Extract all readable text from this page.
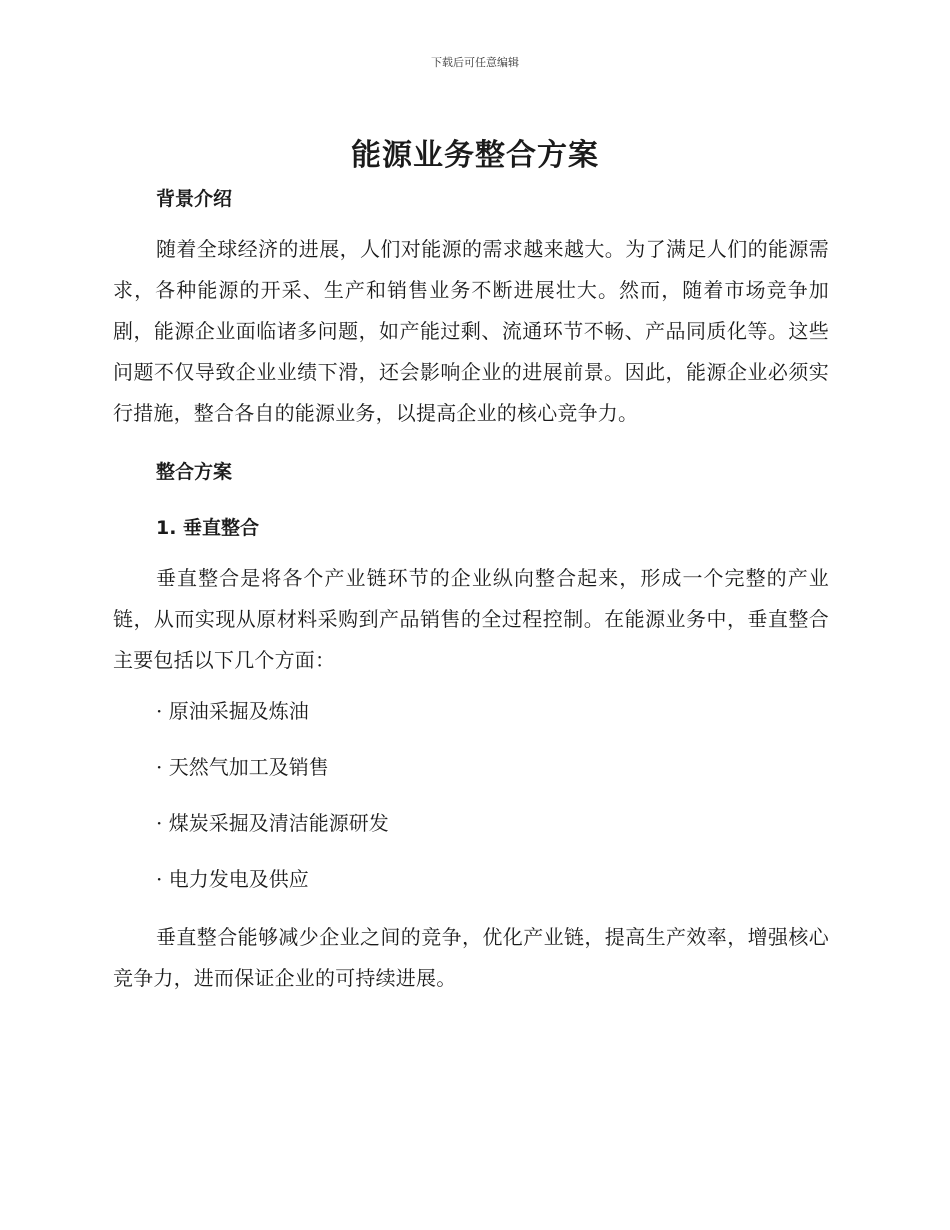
下载后可任意编辑
能源业务整合方案

背景介绍

随着全球经济的进展，人们对能源的需求越来越大。为了满足人们的能源需求，各种能源的开采、生产和销售业务不断进展壮大。然而，随着市场竞争加剧，能源企业面临诸多问题，如产能过剩、流通环节不畅、产品同质化等。这些问题不仅导致企业业绩下滑，还会影响企业的进展前景。因此，能源企业必须实行措施，整合各自的能源业务，以提高企业的核心竞争力。

整合方案

1. 垂直整合

垂直整合是将各个产业链环节的企业纵向整合起来，形成一个完整的产业链，从而实现从原材料采购到产品销售的全过程控制。在能源业务中，垂直整合主要包括以下几个方面：

· 原油采掘及炼油
· 天然气加工及销售
· 煤炭采掘及清洁能源研发
· 电力发电及供应

垂直整合能够减少企业之间的竞争，优化产业链，提高生产效率，增强核心竞争力，进而保证企业的可持续进展。
